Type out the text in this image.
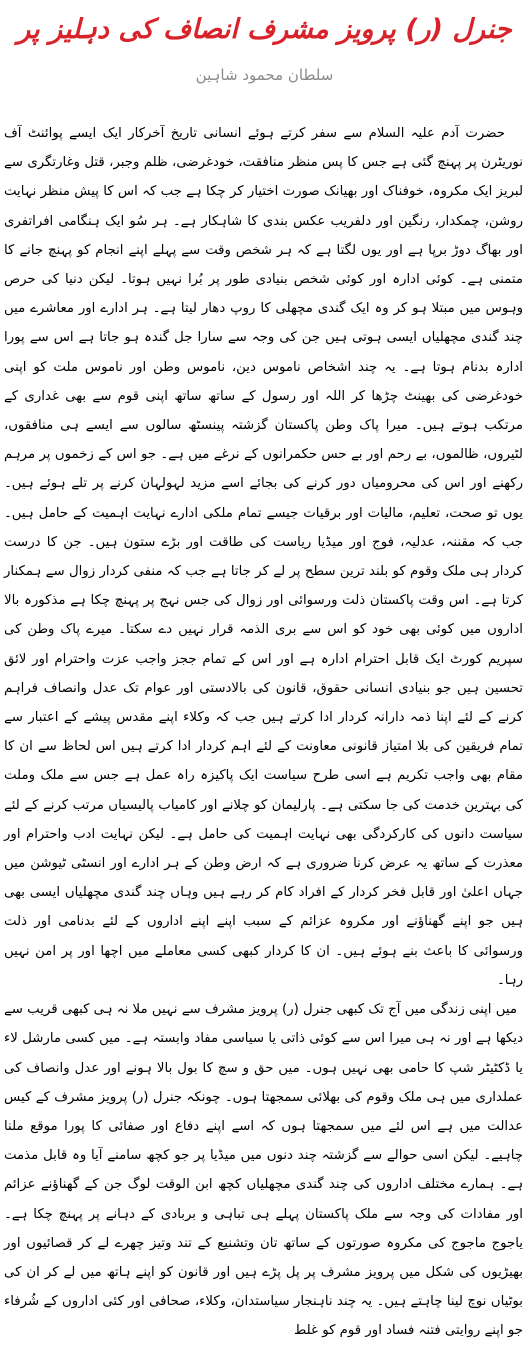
جنرل (ر) پرویز مشرف انصاف کی دہلیز پر
سلطان محمود شاہین

حضرت آدم علیہ السلام سے سفر کرتے ہوئے انسانی تاریخ آخرکار ایک ایسے پوائنٹ آف نوریٹرن پر پہنچ گئی ہے جس کا پس منظر منافقت، خودغرضی، ظلم وجبر، قتل وغارتگری سے لبریز ایک مکروہ، خوفناک اور بھیانک صورت اختیار کر چکا ہے جب کہ اس کا پیش منظر نہایت روشن، چمکدار، رنگین اور دلفریب عکس بندی کا شاہکار ہے۔ ہر سُو ایک ہنگامی افراتفری اور بھاگ دوڑ برپا ہے اور یوں لگتا ہے کہ ہر شخص وقت سے پہلے اپنے انجام کو پہنچ جانے کا متمنی ہے۔ کوئی ادارہ اور کوئی شخص بنیادی طور پر بُرا نہیں ہوتا۔ لیکن دنیا کی حرص وہوس میں مبتلا ہو کر وہ ایک گندی مچھلی کا روپ دھار لیتا ہے۔ ہر ادارے اور معاشرے میں چند گندی مچھلیاں ایسی ہوتی ہیں جن کی وجہ سے سارا جل گندہ ہو جاتا ہے اس سے پورا ادارہ بدنام ہوتا ہے۔ یہ چند اشخاص ناموس دین، ناموس وطن اور ناموس ملت کو اپنی خودغرضی کی بھینٹ چڑھا کر اللہ اور رسول کے ساتھ ساتھ اپنی قوم سے بھی غداری کے مرتکب ہوتے ہیں۔ میرا پاک وطن پاکستان گزشتہ پینسٹھ سالوں سے ایسے ہی منافقوں، لٹیروں، ظالموں، بے رحم اور بے حس حکمرانوں کے نرغے میں ہے۔ جو اس کے زخموں پر مرہم رکھنے اور اس کی محرومیاں دور کرنے کی بجائے اسے مزید لہولہان کرنے پر تلے ہوئے ہیں۔ یوں تو صحت، تعلیم، مالیات اور برقیات جیسے تمام ملکی ادارے نہایت اہمیت کے حامل ہیں۔ جب کہ مقننہ، عدلیہ، فوج اور میڈیا ریاست کی طاقت اور بڑے ستون ہیں۔ جن کا درست کردار ہی ملک وقوم کو بلند ترین سطح پر لے کر جاتا ہے جب کہ منفی کردار زوال سے ہمکنار کرتا ہے۔ اس وقت پاکستان ذلت ورسوائی اور زوال کی جس نہج پر پہنچ چکا ہے مذکورہ بالا اداروں میں کوئی بھی خود کو اس سے بری الذمہ قرار نہیں دے سکتا۔ میرے پاک وطن کی سپریم کورٹ ایک قابل احترام ادارہ ہے اور اس کے تمام ججز واجب عزت واحترام اور لائق تحسین ہیں جو بنیادی انسانی حقوق، قانون کی بالادستی اور عوام تک عدل وانصاف فراہم کرنے کے لئے اپنا ذمہ دارانہ کردار ادا کرتے ہیں جب کہ وکلاء اپنے مقدس پیشے کے اعتبار سے تمام فریقین کی بلا امتیاز قانونی معاونت کے لئے اہم کردار ادا کرتے ہیں اس لحاظ سے ان کا مقام بھی واجب تکریم ہے اسی طرح سیاست ایک پاکیزہ راہ عمل ہے جس سے ملک وملت کی بہترین خدمت کی جا سکتی ہے۔ پارلیمان کو چلانے اور کامیاب پالیسیاں مرتب کرنے کے لئے سیاست دانوں کی کارکردگی بھی نہایت اہمیت کی حامل ہے۔ لیکن نہایت ادب واحترام اور معذرت کے ساتھ یہ عرض کرنا ضروری ہے کہ ارض وطن کے ہر ادارے اور انسٹی ٹیوشن میں جہاں اعلیٰ اور قابل فخر کردار کے افراد کام کر رہے ہیں وہاں چند گندی مچھلیاں ایسی بھی ہیں جو اپنے گھناؤنے اور مکروہ عزائم کے سبب اپنے اپنے اداروں کے لئے بدنامی اور ذلت ورسوائی کا باعث بنے ہوئے ہیں۔ ان کا کردار کبھی کسی معاملے میں اچھا اور پر امن نہیں رہا۔

میں اپنی زندگی میں آج تک کبھی جنرل (ر) پرویز مشرف سے نہیں ملا نہ ہی کبھی قریب سے دیکھا ہے اور نہ ہی میرا اس سے کوئی ذاتی یا سیاسی مفاد وابستہ ہے۔ میں کسی مارشل لاء یا ڈکٹیٹر شپ کا حامی بھی نہیں ہوں۔ میں حق و سچ کا بول بالا ہونے اور عدل وانصاف کی عملداری میں ہی ملک وقوم کی بھلائی سمجھتا ہوں۔ چونکہ جنرل (ر) پرویز مشرف کے کیس عدالت میں ہے اس لئے میں سمجھتا ہوں کہ اسے اپنے دفاع اور صفائی کا پورا موقع ملنا چاہیے۔ لیکن اسی حوالے سے گزشتہ چند دنوں میں میڈیا پر جو کچھ سامنے آیا وہ قابل مذمت ہے۔ ہمارے مختلف اداروں کی چند گندی مچھلیاں کچھ ابن الوقت لوگ جن کے گھناؤنے عزائم اور مفادات کی وجہ سے ملک پاکستان پہلے ہی تباہی و بربادی کے دہانے پر پہنچ چکا ہے۔ یاجوج ماجوج کی مکروہ صورتوں کے ساتھ تان وتشنیع کے تند وتیز چھرے لے کر قصائیوں اور بھیڑیوں کی شکل میں پرویز مشرف پر پل پڑے ہیں اور قانون کو اپنے ہاتھ میں لے کر ان کی بوٹیاں نوچ لینا چاہتے ہیں۔ یہ چند ناہنجار سیاستدان، وکلاء، صحافی اور کئی اداروں کے شُرفاء جو اپنے روایتی فتنہ فساد اور قوم کو غلط
